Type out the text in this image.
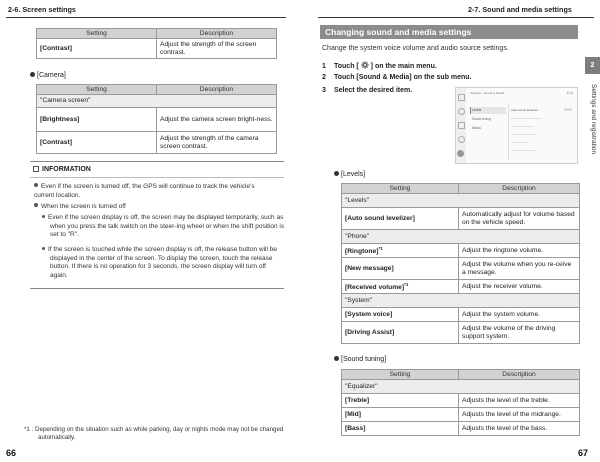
2-6. Screen settings
Setting	Description
[Contrast]	Adjust the strength of the screen contrast.
[Camera]
Setting	Description
"Camera screen"	
[Brightness]	Adjust the camera screen bright-ness.
[Contrast]	Adjust the strength of the camera screen contrast.
INFORMATION
Even if the screen is turned off, the GPS will continue to track the vehicle's current location.
When the screen is turned off
Even if the screen display is off, the screen may be displayed temporarily, such as when you press the talk switch on the steer-ing wheel or when the shift position is set to "R".
If the screen is touched while the screen display is off, the release button will be displayed in the center of the screen. To display the screen, touch the release button. If there is no operation for 3 seconds, the screen display will turn off again.
*1 : Depending on the situation such as while parking, day or nights mode may not be changed automatically.
66
2-7. Sound and media settings
Changing sound and media settings
Change the system voice volume and audio source settings.
1 Touch [ ] on the main menu.
2 Touch [Sound & Media] on the sub menu.
3 Select the desired item.	Settings - Sound & Media	4:13
Levels
Sound tuning
Media
Auto sound levelizer
2
Settings and registration
[Levels]
Setting	Description
"Levels"	
[Auto sound levelizer]	Automatically adjust for volume based on the vehicle speed.
"Phone"	
[Ringtone]$^{*1}$	Adjust the ringtone volume.
[New message]	Adjust the volume when you re-ceive a message.
[Received volume]$^{*1}$	Adjust the receiver volume.
"System"	
[System voice]	Adjust the system volume.
[Driving Assist]	Adjust the volume of the driving support system.
[Sound tuning]
Setting	Description
"Equalizer"	
[Treble]	Adjusts the level of the treble.
[Mid]	Adjusts the level of the midrange.
[Bass]	Adjusts the level of the bass.
67
